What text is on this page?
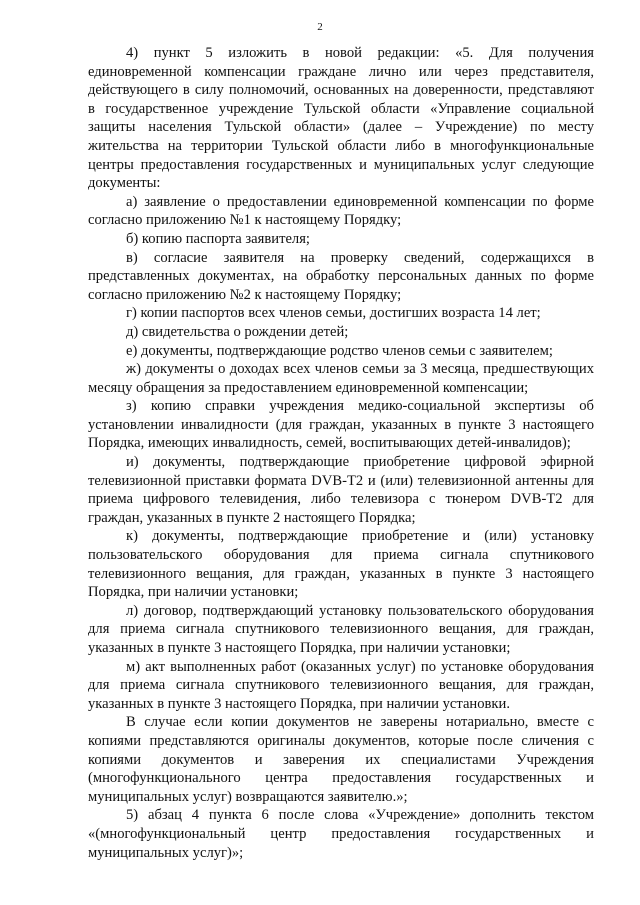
2

4) пункт 5 изложить в новой редакции: «5. Для получения единовременной компенсации граждане лично или через представителя, действующего в силу полномочий, основанных на доверенности, представляют в государственное учреждение Тульской области «Управление социальной защиты населения Тульской области» (далее – Учреждение) по месту жительства на территории Тульской области либо в многофункциональные центры предоставления государственных и муниципальных услуг следующие документы:

а) заявление о предоставлении единовременной компенсации по форме согласно приложению №1 к настоящему Порядку;

б) копию паспорта заявителя;

в) согласие заявителя на проверку сведений, содержащихся в представленных документах, на обработку персональных данных по форме согласно приложению №2 к настоящему Порядку;

г) копии паспортов всех членов семьи, достигших возраста 14 лет;

д) свидетельства о рождении детей;

е) документы, подтверждающие родство членов семьи с заявителем;

ж) документы о доходах всех членов семьи за 3 месяца, предшествующих месяцу обращения за предоставлением единовременной компенсации;

з) копию справки учреждения медико-социальной экспертизы об установлении инвалидности (для граждан, указанных в пункте 3 настоящего Порядка, имеющих инвалидность, семей, воспитывающих детей-инвалидов);

и) документы, подтверждающие приобретение цифровой эфирной телевизионной приставки формата DVB-T2 и (или) телевизионной антенны для приема цифрового телевидения, либо телевизора с тюнером DVB-T2 для граждан, указанных в пункте 2 настоящего Порядка;

к) документы, подтверждающие приобретение и (или) установку пользовательского оборудования для приема сигнала спутникового телевизионного вещания, для граждан, указанных в пункте 3 настоящего Порядка, при наличии установки;

л) договор, подтверждающий установку пользовательского оборудования для приема сигнала спутникового телевизионного вещания, для граждан, указанных в пункте 3 настоящего Порядка, при наличии установки;

м) акт выполненных работ (оказанных услуг) по установке оборудования для приема сигнала спутникового телевизионного вещания, для граждан, указанных в пункте 3 настоящего Порядка, при наличии установки.

В случае если копии документов не заверены нотариально, вместе с копиями представляются оригиналы документов, которые после сличения с копиями документов и заверения их специалистами Учреждения (многофункционального центра предоставления государственных и муниципальных услуг) возвращаются заявителю.»;

5) абзац 4 пункта 6 после слова «Учреждение» дополнить текстом «(многофункциональный центр предоставления государственных и муниципальных услуг)»;
